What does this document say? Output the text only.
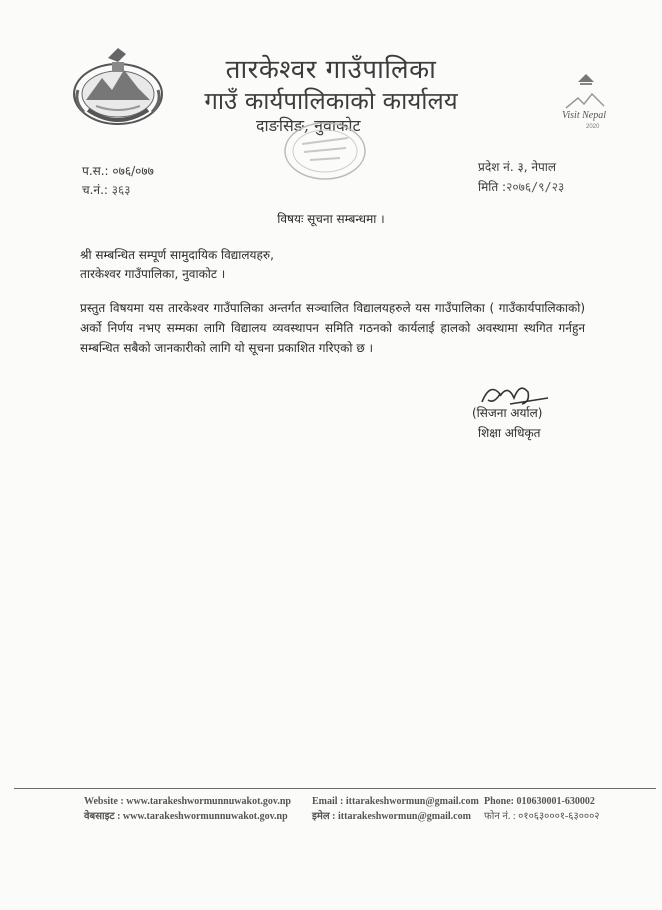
तारकेश्वर गाउँपालिका
गाउँ कार्यपालिकाको कार्यालय
दाङसिङ, नुवाकोट
Visit Nepal
2020
प.स.: ०७६/०७७
च.नं.: ३६३
प्रदेश नं. ३, नेपाल
मिति :२०७६/९/२३
विषयः सूचना सम्बन्धमा ।
श्री सम्बन्धित सम्पूर्ण सामुदायिक विद्यालयहरु,
तारकेश्वर गाउँपालिका, नुवाकोट ।
प्रस्तुत विषयमा यस तारकेश्वर गाउँपालिका अन्तर्गत सञ्चालित विद्यालयहरुले यस गाउँपालिका ( गाउँकार्यपालिकाको) अर्को निर्णय नभए सम्मका लागि विद्यालय व्यवस्थापन समिति गठनको कार्यलाई हालको अवस्थामा स्थगित गर्नहुन सम्बन्धित सबैको जानकारीको लागि यो सूचना प्रकाशित गरिएको छ ।
(सिजना अर्याल)
शिक्षा अधिकृत
Website : www.tarakeshwormunnuwakot.gov.np
वेबसाइट : www.tarakeshwormunnuwakot.gov.np
Email : ittarakeshwormun@gmail.com
इमेल : ittarakeshwormun@gmail.com
Phone: 010630001-630002
फोन नं. : ०१०६३०००१-६३०००२
